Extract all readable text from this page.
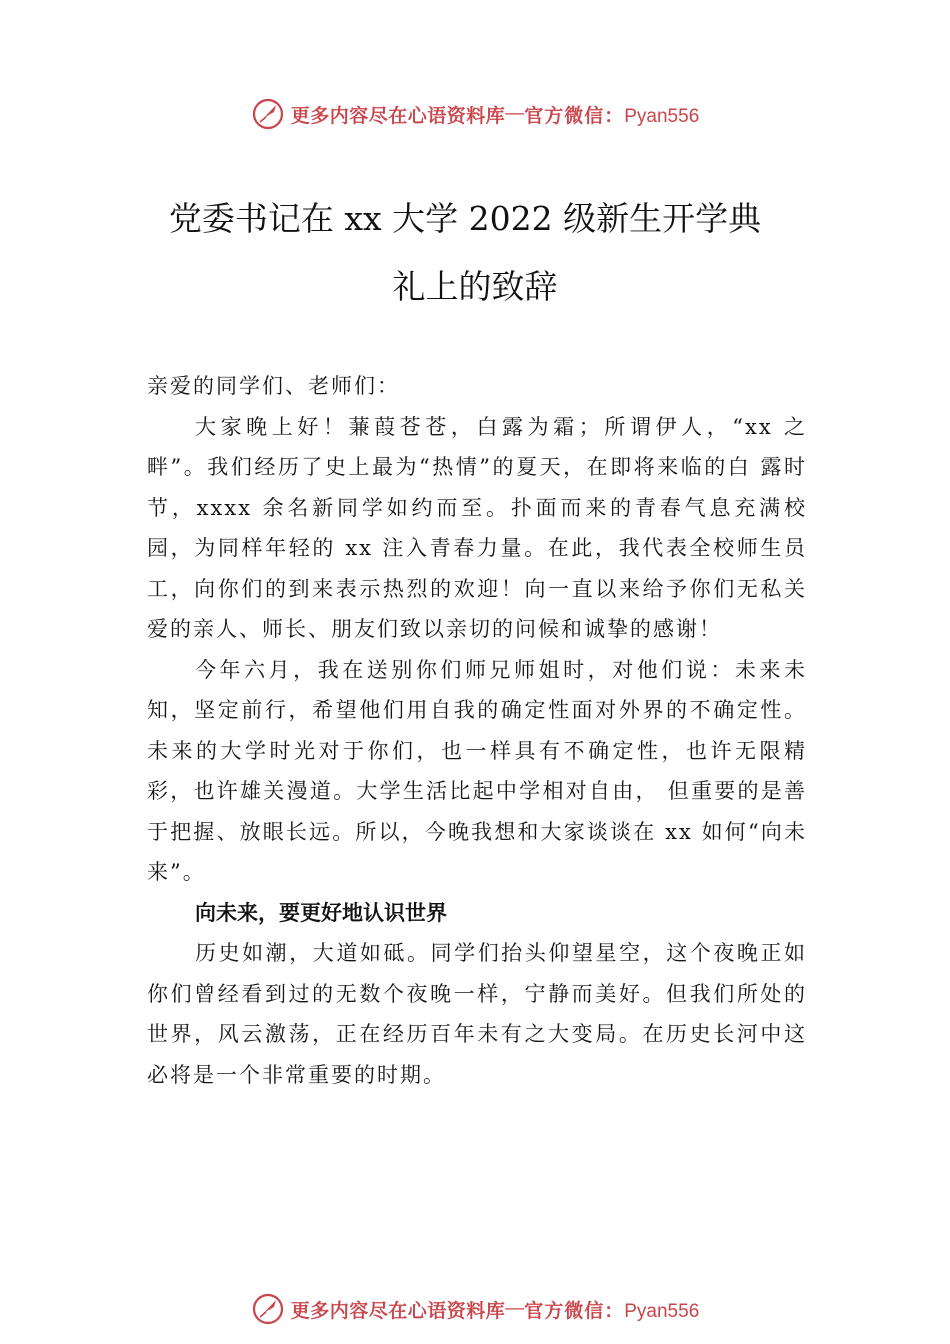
更多内容尽在心语资料库 — 官方微信：Pyan556
党委书记在 xx 大学 2022 级新生开学典
礼上的致辞

亲爱的同学们、老师们：

大家晚上好！蒹葭苍苍，白露为霜；所谓伊人，“xx 之畔”。我们经历了史上最为“热情”的夏天，在即将来临的白 露时节，xxxx 余名新同学如约而至。扑面而来的青春气息充满校园，为同样年轻的 xx 注入青春力量。在此，我代表全校师生员工，向你们的到来表示热烈的欢迎！向一直以来给予你们无私关爱的亲人、师长、朋友们致以亲切的问候和诚挚的感谢！

今年六月，我在送别你们师兄师姐时，对他们说：未来未知，坚定前行，希望他们用自我的确定性面对外界的不确定性。未来的大学时光对于你们，也一样具有不确定性，也许无限精彩，也许雄关漫道。大学生活比起中学相对自由， 但重要的是善于把握、放眼长远。所以，今晚我想和大家谈谈在 xx 如何“向未来”。

向未来，要更好地认识世界

历史如潮，大道如砥。同学们抬头仰望星空，这个夜晚正如你们曾经看到过的无数个夜晚一样，宁静而美好。但我们所处的世界，风云激荡，正在经历百年未有之大变局。在历史长河中这必将是一个非常重要的时期。

更多内容尽在心语资料库 — 官方微信：Pyan556
